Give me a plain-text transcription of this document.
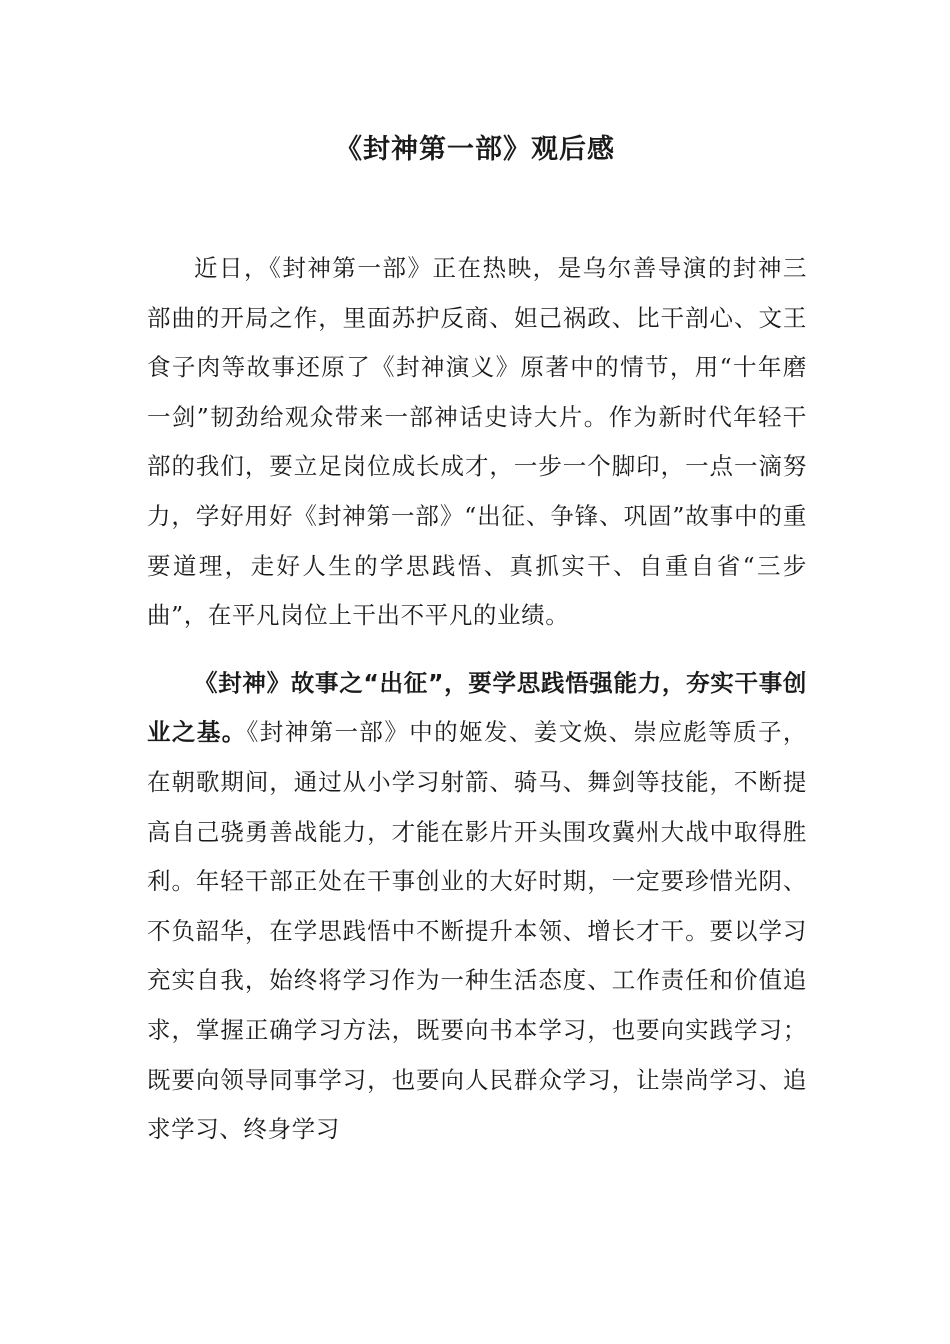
《封神第一部》观后感

近日，《封神第一部》正在热映，是乌尔善导演的封神三部曲的开局之作，里面苏护反商、妲己祸政、比干剖心、文王食子肉等故事还原了《封神演义》原著中的情节，用“十年磨一剑”韧劲给观众带来一部神话史诗大片。作为新时代年轻干部的我们，要立足岗位成长成才，一步一个脚印，一点一滴努力，学好用好《封神第一部》“出征、争锋、巩固”故事中的重要道理，走好人生的学思践悟、真抓实干、自重自省“三步曲”，在平凡岗位上干出不平凡的业绩。

《封神》故事之“出征”，要学思践悟强能力，夯实干事创业之基。《封神第一部》中的姬发、姜文焕、崇应彪等质子，在朝歌期间，通过从小学习射箭、骑马、舞剑等技能，不断提高自己骁勇善战能力，才能在影片开头围攻冀州大战中取得胜利。年轻干部正处在干事创业的大好时期，一定要珍惜光阴、不负韶华，在学思践悟中不断提升本领、增长才干。要以学习充实自我，始终将学习作为一种生活态度、工作责任和价值追求，掌握正确学习方法，既要向书本学习，也要向实践学习；既要向领导同事学习，也要向人民群众学习，让崇尚学习、追求学习、终身学习
